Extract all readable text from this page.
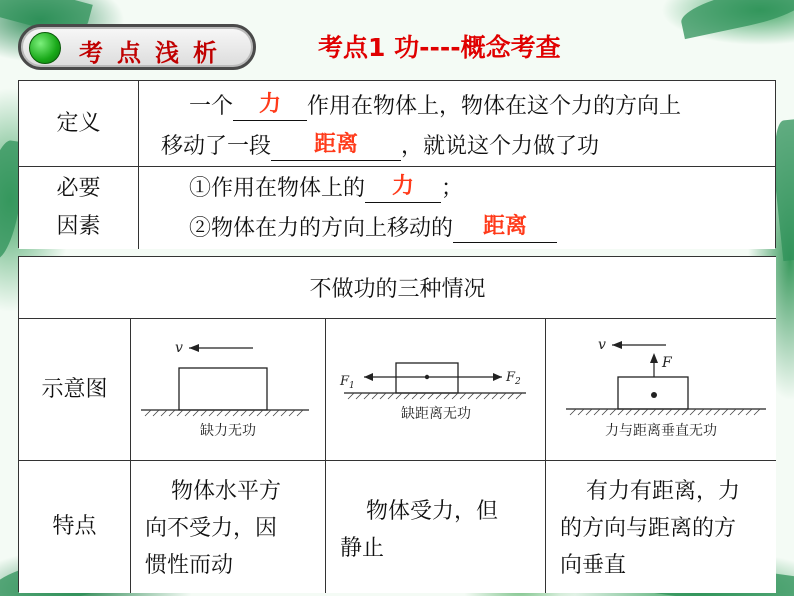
考点浅析	考点1 功----概念考查
定义
一个 力 作用在物体上，物体在这个力的方向上
移动了一段 距离 ，就说这个力做了功
必要
因素
①作用在物体上的 力 ；
②物体在力的方向上移动的 距离
不做功的三种情况
示意图
v
缺力无功
$F_1$
$F_2$
缺距离无功
v
F
力与距离垂直无功
特点
物体水平方
向不受力，因
惯性而动
物体受力，但
静止
有力有距离，力
的方向与距离的方
向垂直
